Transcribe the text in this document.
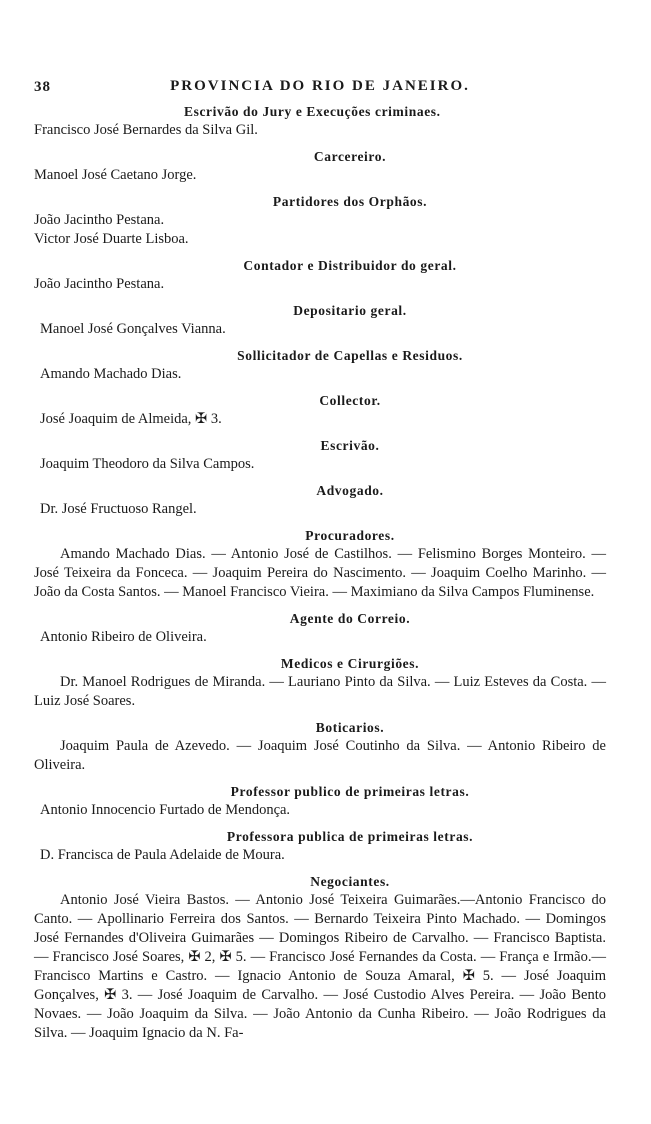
38	PROVINCIA DO RIO DE JANEIRO.
Escrivão do Jury e Execuções criminaes.
Francisco José Bernardes da Silva Gil.
Carcereiro.
Manoel José Caetano Jorge.
Partidores dos Orphãos.
João Jacintho Pestana.
Victor José Duarte Lisboa.
Contador e Distribuidor do geral.
João Jacintho Pestana.
Depositario geral.
Manoel José Gonçalves Vianna.
Sollicitador de Capellas e Residuos.
Amando Machado Dias.
Collector.
José Joaquim de Almeida, ✠ 3.
Escrivão.
Joaquim Theodoro da Silva Campos.
Advogado.
Dr. José Fructuoso Rangel.
Procuradores.
Amando Machado Dias. — Antonio José de Castilhos. — Felismino Borges Monteiro. — José Teixeira da Fonceca. — Joaquim Pereira do Nascimento. — Joaquim Coelho Marinho. — João da Costa Santos. — Manoel Francisco Vieira. — Maximiano da Silva Campos Fluminense.
Agente do Correio.
Antonio Ribeiro de Oliveira.
Medicos e Cirurgiões.
Dr. Manoel Rodrigues de Miranda. — Lauriano Pinto da Silva. — Luiz Esteves da Costa. — Luiz José Soares.
Boticarios.
Joaquim Paula de Azevedo. — Joaquim José Coutinho da Silva. — Antonio Ribeiro de Oliveira.
Professor publico de primeiras letras.
Antonio Innocencio Furtado de Mendonça.
Professora publica de primeiras letras.
D. Francisca de Paula Adelaide de Moura.
Negociantes.
Antonio José Vieira Bastos. — Antonio José Teixeira Guimarães.—Antonio Francisco do Canto. — Apollinario Ferreira dos Santos. — Bernardo Teixeira Pinto Machado. — Domingos José Fernandes d'Oliveira Guimarães — Domingos Ribeiro de Carvalho. — Francisco Baptista. — Francisco José Soares, ✠ 2, ✠ 5. — Francisco José Fernandes da Costa. — França e Irmão.— Francisco Martins e Castro. — Ignacio Antonio de Souza Amaral, ✠ 5. — José Joaquim Gonçalves, ✠ 3. — José Joaquim de Carvalho. — José Custodio Alves Pereira. — João Bento Novaes. — João Joaquim da Silva. — João Antonio da Cunha Ribeiro. — João Rodrigues da Silva. — Joaquim Ignacio da N. Fa-
